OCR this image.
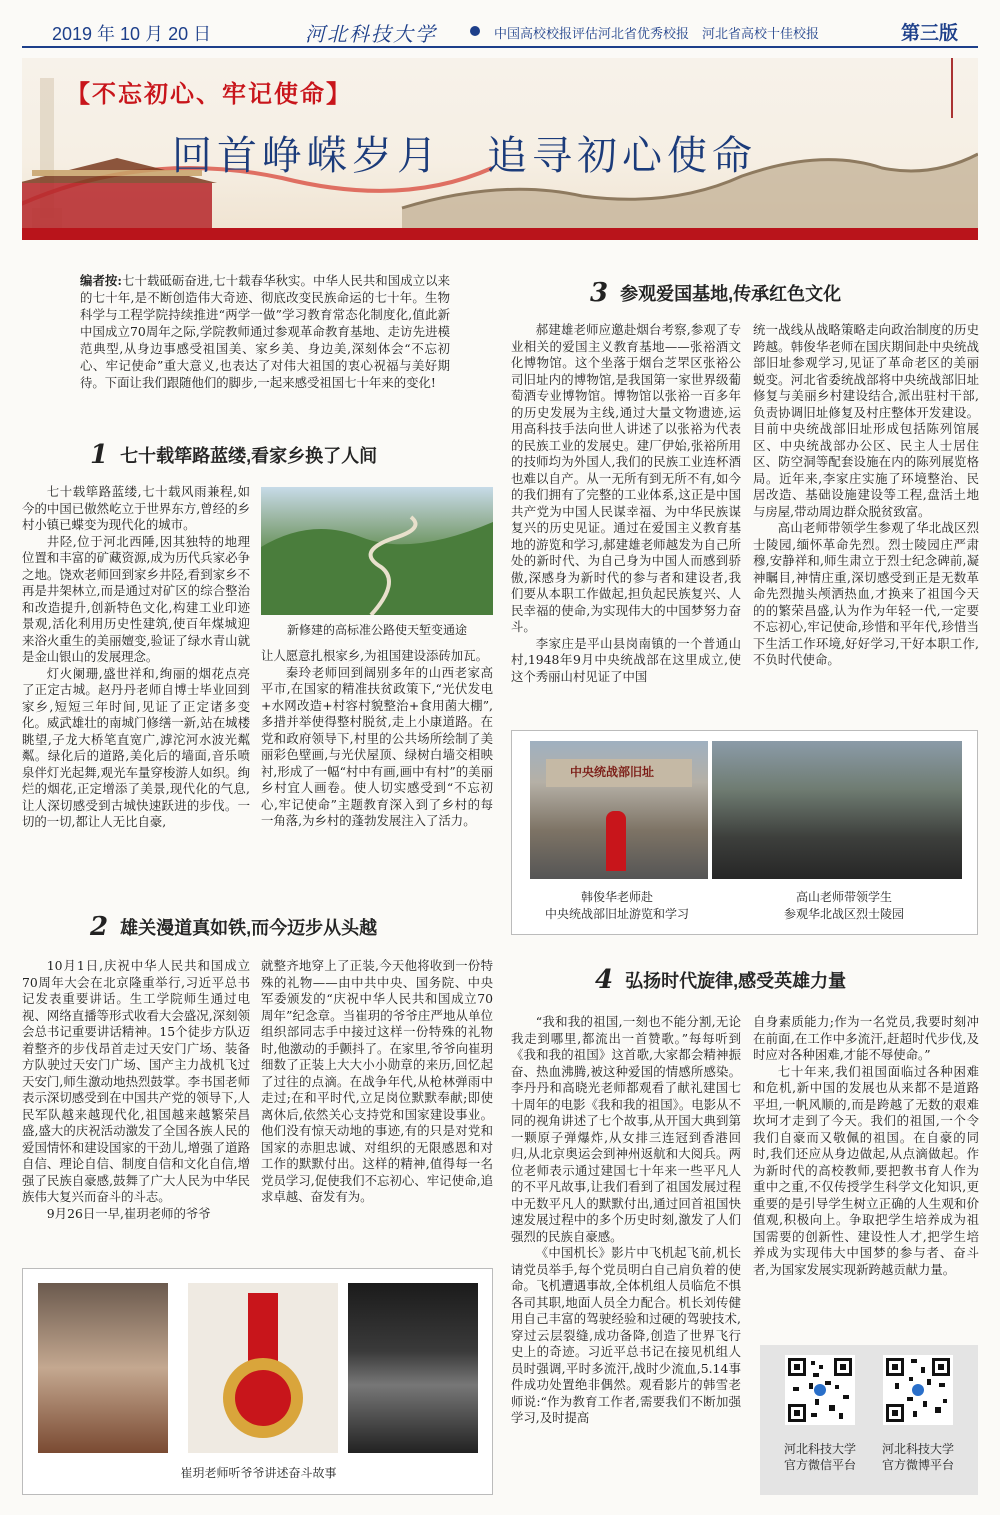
2019 年 10 月 20 日	河北科技大学	中国高校校报评估河北省优秀校报　河北省高校十佳校报	第三版
【不忘初心、牢记使命】
回首峥嵘岁月　追寻初心使命
编者按:七十载砥砺奋进,七十载春华秋实。中华人民共和国成立以来的七十年,是不断创造伟大奇迹、彻底改变民族命运的七十年。生物科学与工程学院持续推进“两学一做”学习教育常态化制度化,值此新中国成立70周年之际,学院教师通过参观革命教育基地、走访先进模范典型,从身边事感受祖国美、家乡美、身边美,深刻体会“不忘初心、牢记使命”重大意义,也表达了对伟大祖国的衷心祝福与美好期待。下面让我们跟随他们的脚步,一起来感受祖国七十年来的变化!
1 七十载筚路蓝缕,看家乡换了人间

七十载筚路蓝缕,七十载风雨兼程,如今的中国已傲然屹立于世界东方,曾经的乡村小镇已蝶变为现代化的城市。

井陉,位于河北西陲,因其独特的地理位置和丰富的矿藏资源,成为历代兵家必争之地。饶欢老师回到家乡井陉,看到家乡不再是井架林立,而是通过对矿区的综合整治和改造提升,创新特色文化,构建工业印迹景观,活化利用历史性建筑,使百年煤城迎来浴火重生的美丽嬗变,验证了绿水青山就是金山银山的发展理念。

灯火阑珊,盛世祥和,绚丽的烟花点亮了正定古城。赵丹丹老师自博士毕业回到家乡,短短三年时间,见证了正定诸多变化。威武雄壮的南城门修缮一新,站在城楼眺望,子龙大桥笔直宽广,滹沱河水波光粼粼。绿化后的道路,美化后的墙面,音乐喷泉伴灯光起舞,观光车量穿梭游人如织。绚烂的烟花,正定增添了美景,现代化的气息,让人深切感受到古城快速跃进的步伐。一切的一切,都让人无比自豪,

新修建的高标准公路使天堑变通途

让人愿意扎根家乡,为祖国建设添砖加瓦。

秦玲老师回到阔别多年的山西老家高平市,在国家的精准扶贫政策下,“光伏发电+水网改造+村容村貌整治+食用菌大棚”,多措并举使得整村脱贫,走上小康道路。在党和政府领导下,村里的公共场所绘制了美丽彩色壁画,与光伏屋顶、绿树白墙交相映衬,形成了一幅“村中有画,画中有村”的美丽乡村宜人画卷。使人切实感受到“不忘初心,牢记使命”主题教育深入到了乡村的每一角落,为乡村的蓬勃发展注入了活力。

2 雄关漫道真如铁,而今迈步从头越

10月1日,庆祝中华人民共和国成立70周年大会在北京隆重举行,习近平总书记发表重要讲话。生工学院师生通过电视、网络直播等形式收看大会盛况,深刻领会总书记重要讲话精神。15个徒步方队迈着整齐的步伐昂首走过天安门广场、装备方队驶过天安门广场、国产主力战机飞过天安门,师生激动地热烈鼓掌。李书国老师表示深切感受到在中国共产党的领导下,人民军队越来越现代化,祖国越来越繁荣昌盛,盛大的庆祝活动激发了全国各族人民的爱国情怀和建设国家的干劲儿,增强了道路自信、理论自信、制度自信和文化自信,增强了民族自豪感,鼓舞了广大人民为中华民族伟大复兴而奋斗的斗志。

9月26日一早,崔玥老师的爷爷

就整齐地穿上了正装,今天他将收到一份特殊的礼物——由中共中央、国务院、中央军委颁发的“庆祝中华人民共和国成立70周年”纪念章。当崔玥的爷爷庄严地从单位组织部同志手中接过这样一份特殊的礼物时,他激动的手颤抖了。在家里,爷爷向崔玥细数了正装上大大小小勋章的来历,回忆起了过往的点滴。在战争年代,从枪林弹雨中走过;在和平时代,立足岗位默默奉献;即使离休后,依然关心支持党和国家建设事业。他们没有惊天动地的事迹,有的只是对党和国家的赤胆忠诚、对组织的无限感恩和对工作的默默付出。这样的精神,值得每一名党员学习,促使我们不忘初心、牢记使命,追求卓越、奋发有为。

崔玥老师听爷爷讲述奋斗故事
3 参观爱国基地,传承红色文化

郝建雄老师应邀赴烟台考察,参观了专业相关的爱国主义教育基地——张裕酒文化博物馆。这个坐落于烟台芝罘区张裕公司旧址内的博物馆,是我国第一家世界级葡萄酒专业博物馆。博物馆以张裕一百多年的历史发展为主线,通过大量文物遗迹,运用高科技手法向世人讲述了以张裕为代表的民族工业的发展史。建厂伊始,张裕所用的技师均为外国人,我们的民族工业连杯酒也难以自产。从一无所有到无所不有,如今的我们拥有了完整的工业体系,这正是中国共产党为中国人民谋幸福、为中华民族谋复兴的历史见证。通过在爱国主义教育基地的游览和学习,郝建雄老师越发为自己所处的新时代、为自己身为中国人而感到骄傲,深感身为新时代的参与者和建设者,我们要从本职工作做起,担负起民族复兴、人民幸福的使命,为实现伟大的中国梦努力奋斗。

李家庄是平山县岗南镇的一个普通山村,1948年9月中央统战部在这里成立,使这个秀丽山村见证了中国

统一战线从战略策略走向政治制度的历史跨越。韩俊华老师在国庆期间赴中央统战部旧址参观学习,见证了革命老区的美丽蜕变。河北省委统战部将中央统战部旧址修复与美丽乡村建设结合,派出驻村干部,负责协调旧址修复及村庄整体开发建设。目前中央统战部旧址形成包括陈列馆展区、中央统战部办公区、民主人士居住区、防空洞等配套设施在内的陈列展览格局。近年来,李家庄实施了环境整治、民居改造、基础设施建设等工程,盘活土地与房屋,带动周边群众脱贫致富。

高山老师带领学生参观了华北战区烈士陵园,缅怀革命先烈。烈士陵园庄严肃穆,安静祥和,师生肃立于烈士纪念碑前,凝神瞩目,神情庄重,深切感受到正是无数革命先烈抛头颅洒热血,才换来了祖国今天的的繁荣昌盛,认为作为年轻一代,一定要不忘初心,牢记使命,珍惜和平年代,珍惜当下生活工作环境,好好学习,干好本职工作,不负时代使命。

中央统战部旧址
韩俊华老师赴
中央统战部旧址游览和学习
高山老师带领学生
参观华北战区烈士陵园
4 弘扬时代旋律,感受英雄力量

“我和我的祖国,一刻也不能分割,无论我走到哪里,都流出一首赞歌。”每每听到《我和我的祖国》这首歌,大家都会精神振奋、热血沸腾,被这种爱国的情感所感染。李丹丹和高晓光老师都观看了献礼建国七十周年的电影《我和我的祖国》。电影从不同的视角讲述了七个故事,从开国大典到第一颗原子弹爆炸,从女排三连冠到香港回归,从北京奥运会到神州返航和大阅兵。两位老师表示通过建国七十年来一些平凡人的不平凡故事,让我们看到了祖国发展过程中无数平凡人的默默付出,通过回首祖国快速发展过程中的多个历史时刻,激发了人们强烈的民族自豪感。

《中国机长》影片中飞机起飞前,机长请党员举手,每个党员明白自己肩负着的使命。飞机遭遇事故,全体机组人员临危不惧各司其职,地面人员全力配合。机长刘传健用自己丰富的驾驶经验和过硬的驾驶技术,穿过云层裂缝,成功备降,创造了世界飞行史上的奇迹。习近平总书记在接见机组人员时强调,平时多流汗,战时少流血,5.14事件成功处置绝非偶然。观看影片的韩雪老师说:“作为教育工作者,需要我们不断加强学习,及时提高

自身素质能力;作为一名党员,我要时刻冲在前面,在工作中多流汗,赶超时代步伐,及时应对各种困难,才能不辱使命。”

七十年来,我们祖国面临过各种困难和危机,新中国的发展也从来都不是道路平坦,一帆风顺的,而是跨越了无数的艰难坎坷才走到了今天。我们的祖国,一个令我们自豪而又敬佩的祖国。在自豪的同时,我们还应从身边做起,从点滴做起。作为新时代的高校教师,要把教书育人作为重中之重,不仅传授学生科学文化知识,更重要的是引导学生树立正确的人生观和价值观,积极向上。争取把学生培养成为祖国需要的创新性、建设性人才,把学生培养成为实现伟大中国梦的参与者、奋斗者,为国家发展实现新跨越贡献力量。

河北科技大学
官方微信平台
河北科技大学
官方微博平台
